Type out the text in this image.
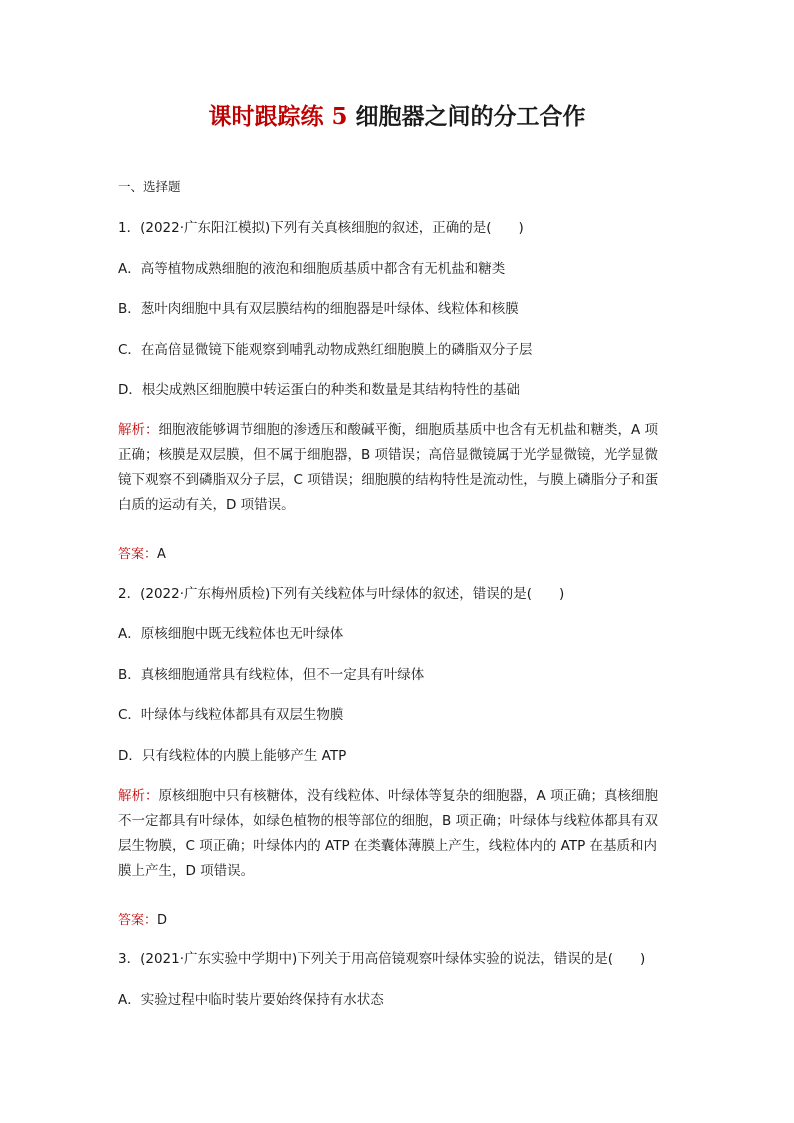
课时跟踪练 5 细胞器之间的分工合作
一、选择题
1．(2022·广东阳江模拟)下列有关真核细胞的叙述，正确的是(　　)
A．高等植物成熟细胞的液泡和细胞质基质中都含有无机盐和糖类
B．葱叶肉细胞中具有双层膜结构的细胞器是叶绿体、线粒体和核膜
C．在高倍显微镜下能观察到哺乳动物成熟红细胞膜上的磷脂双分子层
D．根尖成熟区细胞膜中转运蛋白的种类和数量是其结构特性的基础
解析：细胞液能够调节细胞的渗透压和酸碱平衡，细胞质基质中也含有无机盐和糖类，A 项
正确；核膜是双层膜，但不属于细胞器，B 项错误；高倍显微镜属于光学显微镜，光学显微
镜下观察不到磷脂双分子层，C 项错误；细胞膜的结构特性是流动性，与膜上磷脂分子和蛋
白质的运动有关，D 项错误。
答案：A
2．(2022·广东梅州质检)下列有关线粒体与叶绿体的叙述，错误的是(　　)
A．原核细胞中既无线粒体也无叶绿体
B．真核细胞通常具有线粒体，但不一定具有叶绿体
C．叶绿体与线粒体都具有双层生物膜
D．只有线粒体的内膜上能够产生 ATP
解析：原核细胞中只有核糖体，没有线粒体、叶绿体等复杂的细胞器，A 项正确；真核细胞
不一定都具有叶绿体，如绿色植物的根等部位的细胞，B 项正确；叶绿体与线粒体都具有双
层生物膜，C 项正确；叶绿体内的 ATP 在类囊体薄膜上产生，线粒体内的 ATP 在基质和内
膜上产生，D 项错误。
答案：D
3．(2021·广东实验中学期中)下列关于用高倍镜观察叶绿体实验的说法，错误的是(　　)
A．实验过程中临时装片要始终保持有水状态
